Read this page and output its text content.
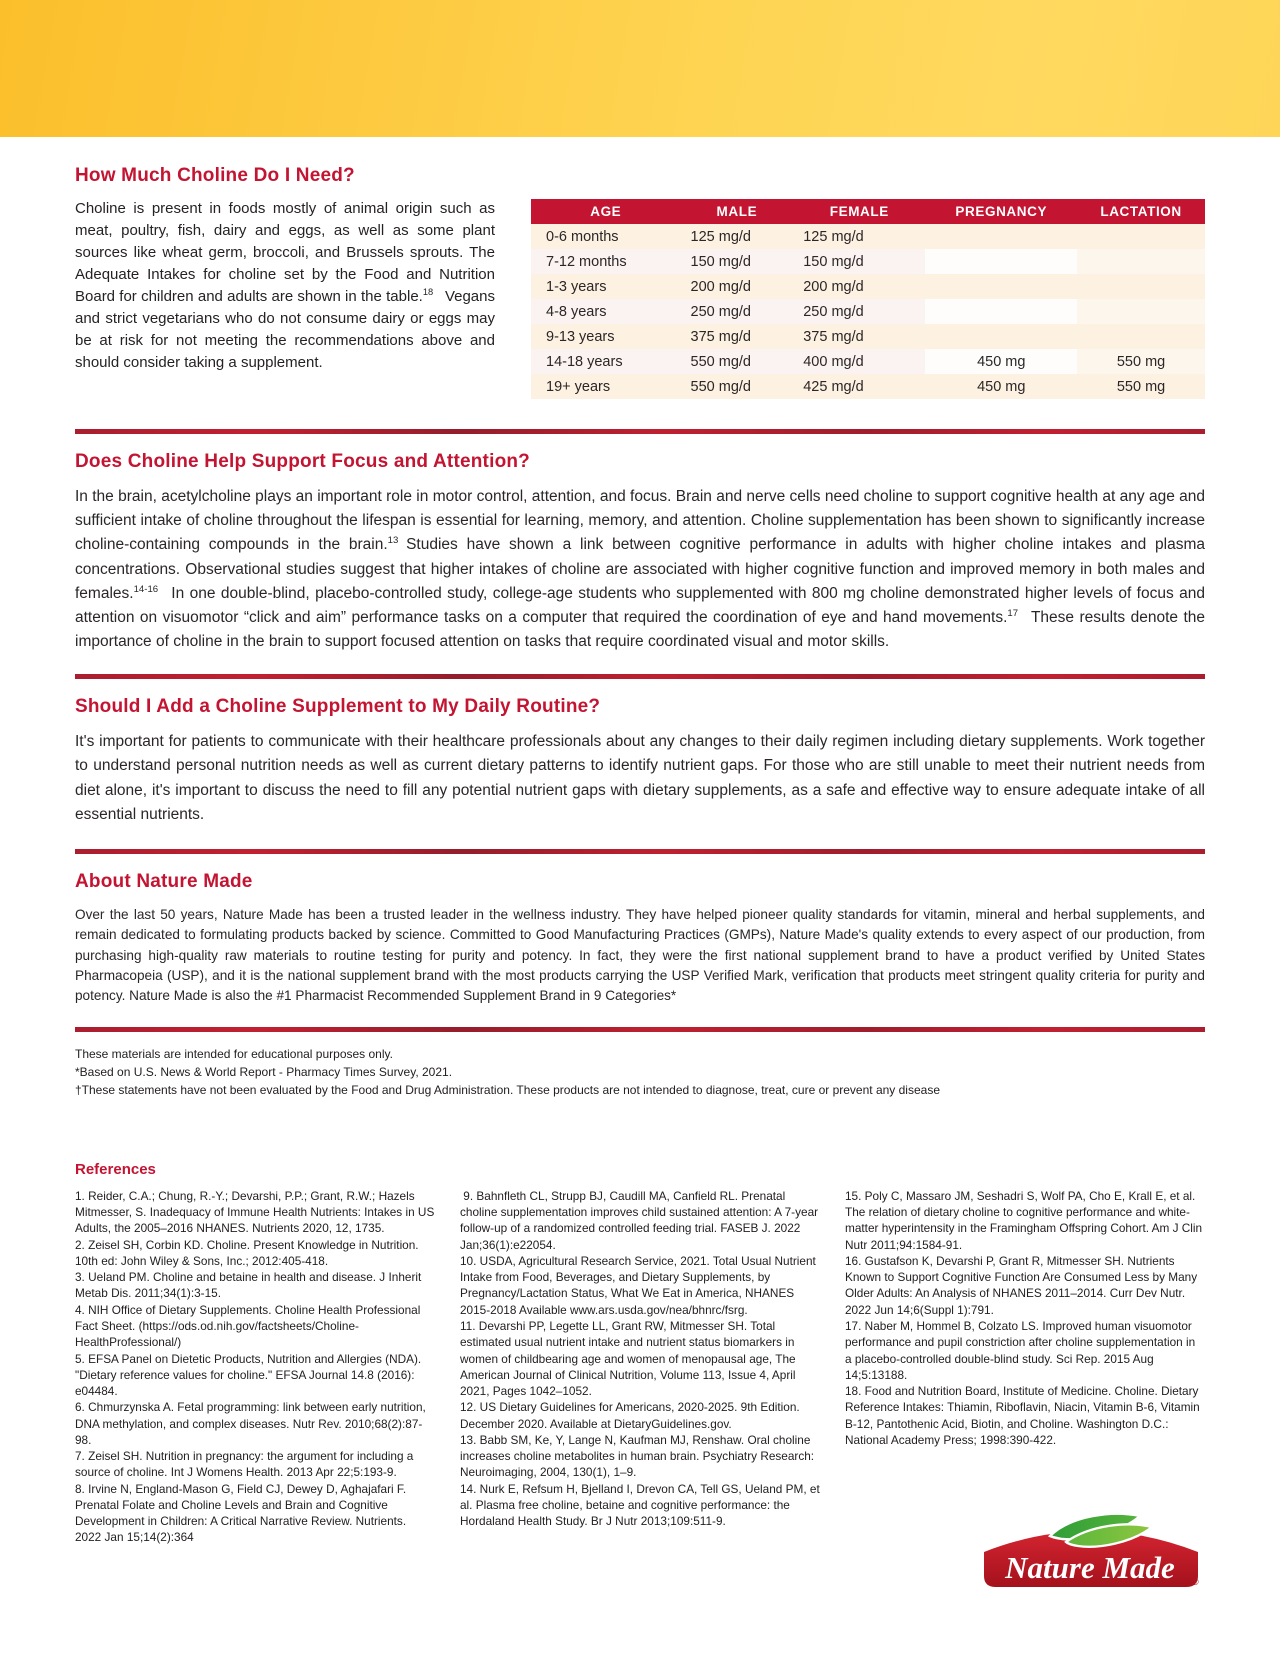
How Much Choline Do I Need?

Choline is present in foods mostly of animal origin such as meat, poultry, fish, dairy and eggs, as well as some plant sources like wheat germ, broccoli, and Brussels sprouts. The Adequate Intakes for choline set by the Food and Nutrition Board for children and adults are shown in the table.$^{18}$  Vegans and strict vegetarians who do not consume dairy or eggs may be at risk for not meeting the recommendations above and should consider taking a supplement.

AGE	MALE	FEMALE	PREGNANCY	LACTATION
0-6 months	125 mg/d	125 mg/d		
7-12 months	150 mg/d	150 mg/d		
1-3 years	200 mg/d	200 mg/d		
4-8 years	250 mg/d	250 mg/d		
9-13 years	375 mg/d	375 mg/d		
14-18 years	550 mg/d	400 mg/d	450 mg	550 mg
19+ years	550 mg/d	425 mg/d	450 mg	550 mg
Does Choline Help Support Focus and Attention?

In the brain, acetylcholine plays an important role in motor control, attention, and focus. Brain and nerve cells need choline to support cognitive health at any age and sufficient intake of choline throughout the lifespan is essential for learning, memory, and attention. Choline supplementation has been shown to significantly increase choline-containing compounds in the brain.$^{13}$ Studies have shown a link between cognitive performance in adults with higher choline intakes and plasma concentrations. Observational studies suggest that higher intakes of choline are associated with higher cognitive function and improved memory in both males and females.$^{14-16}$  In one double-blind, placebo-controlled study, college-age students who supplemented with 800 mg choline demonstrated higher levels of focus and attention on visuomotor “click and aim” performance tasks on a computer that required the coordination of eye and hand movements.$^{17}$  These results denote the importance of choline in the brain to support focused attention on tasks that require coordinated visual and motor skills.

Should I Add a Choline Supplement to My Daily Routine?

It's important for patients to communicate with their healthcare professionals about any changes to their daily regimen including dietary supplements. Work together to understand personal nutrition needs as well as current dietary patterns to identify nutrient gaps. For those who are still unable to meet their nutrient needs from diet alone, it's important to discuss the need to fill any potential nutrient gaps with dietary supplements, as a safe and effective way to ensure adequate intake of all essential nutrients.

About Nature Made

Over the last 50 years, Nature Made has been a trusted leader in the wellness industry. They have helped pioneer quality standards for vitamin, mineral and herbal supplements, and remain dedicated to formulating products backed by science. Committed to Good Manufacturing Practices (GMPs), Nature Made's quality extends to every aspect of our production, from purchasing high-quality raw materials to routine testing for purity and potency. In fact, they were the first national supplement brand to have a product verified by United States Pharmacopeia (USP), and it is the national supplement brand with the most products carrying the USP Verified Mark, verification that products meet stringent quality criteria for purity and potency. Nature Made is also the #1 Pharmacist Recommended Supplement Brand in 9 Categories*

These materials are intended for educational purposes only.
*Based on U.S. News & World Report - Pharmacy Times Survey, 2021.
†These statements have not been evaluated by the Food and Drug Administration. These products are not intended to diagnose, treat, cure or prevent any disease
References
1. Reider, C.A.; Chung, R.-Y.; Devarshi, P.P.; Grant, R.W.; Hazels Mitmesser, S. Inadequacy of Immune Health Nutrients: Intakes in US Adults, the 2005–2016 NHANES. Nutrients 2020, 12, 1735.
2. Zeisel SH, Corbin KD. Choline. Present Knowledge in Nutrition. 10th ed: John Wiley & Sons, Inc.; 2012:405-418.
3. Ueland PM. Choline and betaine in health and disease. J Inherit Metab Dis. 2011;34(1):3-15.
4. NIH Office of Dietary Supplements. Choline Health Professional Fact Sheet. (https://ods.od.nih.gov/factsheets/Choline-HealthProfessional/)
5. EFSA Panel on Dietetic Products, Nutrition and Allergies (NDA). "Dietary reference values for choline." EFSA Journal 14.8 (2016): e04484.
6. Chmurzynska A. Fetal programming: link between early nutrition, DNA methylation, and complex diseases. Nutr Rev. 2010;68(2):87-98.
7. Zeisel SH. Nutrition in pregnancy: the argument for including a source of choline. Int J Womens Health. 2013 Apr 22;5:193-9.
8. Irvine N, England-Mason G, Field CJ, Dewey D, Aghajafari F. Prenatal Folate and Choline Levels and Brain and Cognitive Development in Children: A Critical Narrative Review. Nutrients. 2022 Jan 15;14(2):364
9. Bahnfleth CL, Strupp BJ, Caudill MA, Canfield RL. Prenatal choline supplementation improves child sustained attention: A 7-year follow-up of a randomized controlled feeding trial. FASEB J. 2022 Jan;36(1):e22054.
10. USDA, Agricultural Research Service, 2021. Total Usual Nutrient Intake from Food, Beverages, and Dietary Supplements, by Pregnancy/Lactation Status, What We Eat in America, NHANES 2015-2018 Available www.ars.usda.gov/nea/bhnrc/fsrg.
11. Devarshi PP, Legette LL, Grant RW, Mitmesser SH. Total estimated usual nutrient intake and nutrient status biomarkers in women of childbearing age and women of menopausal age, The American Journal of Clinical Nutrition, Volume 113, Issue 4, April 2021, Pages 1042–1052.
12. US Dietary Guidelines for Americans, 2020-2025. 9th Edition. December 2020. Available at DietaryGuidelines.gov.
13. Babb SM, Ke, Y, Lange N, Kaufman MJ, Renshaw. Oral choline increases choline metabolites in human brain. Psychiatry Research: Neuroimaging, 2004, 130(1), 1–9.
14. Nurk E, Refsum H, Bjelland I, Drevon CA, Tell GS, Ueland PM, et al. Plasma free choline, betaine and cognitive performance: the Hordaland Health Study. Br J Nutr 2013;109:511-9.
15. Poly C, Massaro JM, Seshadri S, Wolf PA, Cho E, Krall E, et al. The relation of dietary choline to cognitive performance and white-matter hyperintensity in the Framingham Offspring Cohort. Am J Clin Nutr 2011;94:1584-91.
16. Gustafson K, Devarshi P, Grant R, Mitmesser SH. Nutrients Known to Support Cognitive Function Are Consumed Less by Many Older Adults: An Analysis of NHANES 2011–2014. Curr Dev Nutr. 2022 Jun 14;6(Suppl 1):791.
17. Naber M, Hommel B, Colzato LS. Improved human visuomotor performance and pupil constriction after choline supplementation in a placebo-controlled double-blind study. Sci Rep. 2015 Aug 14;5:13188.
18. Food and Nutrition Board, Institute of Medicine. Choline. Dietary Reference Intakes: Thiamin, Riboflavin, Niacin, Vitamin B-6, Vitamin B-12, Pantothenic Acid, Biotin, and Choline. Washington D.C.: National Academy Press; 1998:390-422.
Nature Made ®
